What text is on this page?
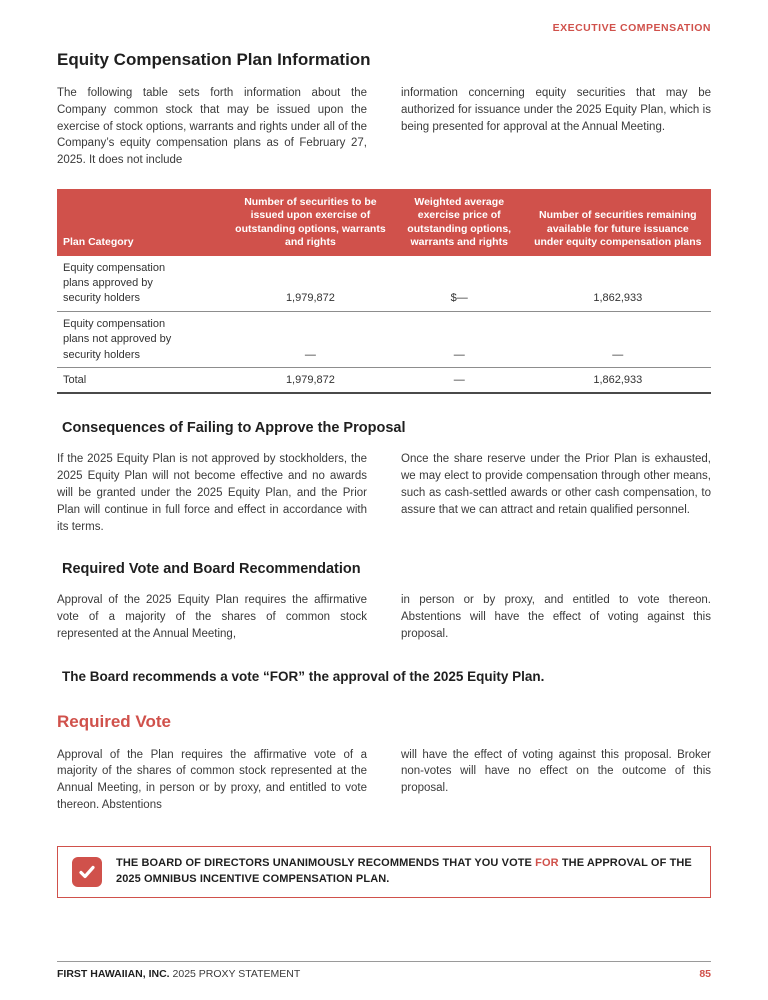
EXECUTIVE COMPENSATION
Equity Compensation Plan Information

The following table sets forth information about the Company common stock that may be issued upon the exercise of stock options, warrants and rights under all of the Company’s equity compensation plans as of February 27, 2025. It does not include

information concerning equity securities that may be authorized for issuance under the 2025 Equity Plan, which is being presented for approval at the Annual Meeting.

Plan Category	Number of securities to be issued upon exercise of outstanding options, warrants and rights	Weighted average exercise price of outstanding options, warrants and rights	Number of securities remaining available for future issuance under equity compensation plans
Equity compensation plans approved by security holders	1,979,872	$—	1,862,933
Equity compensation plans not approved by security holders	—	—	—
Total	1,979,872	—	1,862,933
Consequences of Failing to Approve the Proposal

If the 2025 Equity Plan is not approved by stockholders, the 2025 Equity Plan will not become effective and no awards will be granted under the 2025 Equity Plan, and the Prior Plan will continue in full force and effect in accordance with its terms.

Once the share reserve under the Prior Plan is exhausted, we may elect to provide compensation through other means, such as cash-settled awards or other cash compensation, to assure that we can attract and retain qualified personnel.

Required Vote and Board Recommendation

Approval of the 2025 Equity Plan requires the affirmative vote of a majority of the shares of common stock represented at the Annual Meeting,

in person or by proxy, and entitled to vote thereon. Abstentions will have the effect of voting against this proposal.

The Board recommends a vote “FOR” the approval of the 2025 Equity Plan.

Required Vote

Approval of the Plan requires the affirmative vote of a majority of the shares of common stock represented at the Annual Meeting, in person or by proxy, and entitled to vote thereon. Abstentions

will have the effect of voting against this proposal. Broker non-votes will have no effect on the outcome of this proposal.

THE BOARD OF DIRECTORS UNANIMOUSLY RECOMMENDS THAT YOU VOTE FOR THE APPROVAL OF THE 2025 OMNIBUS INCENTIVE COMPENSATION PLAN.
FIRST HAWAIIAN, INC. 2025 PROXY STATEMENT	85
